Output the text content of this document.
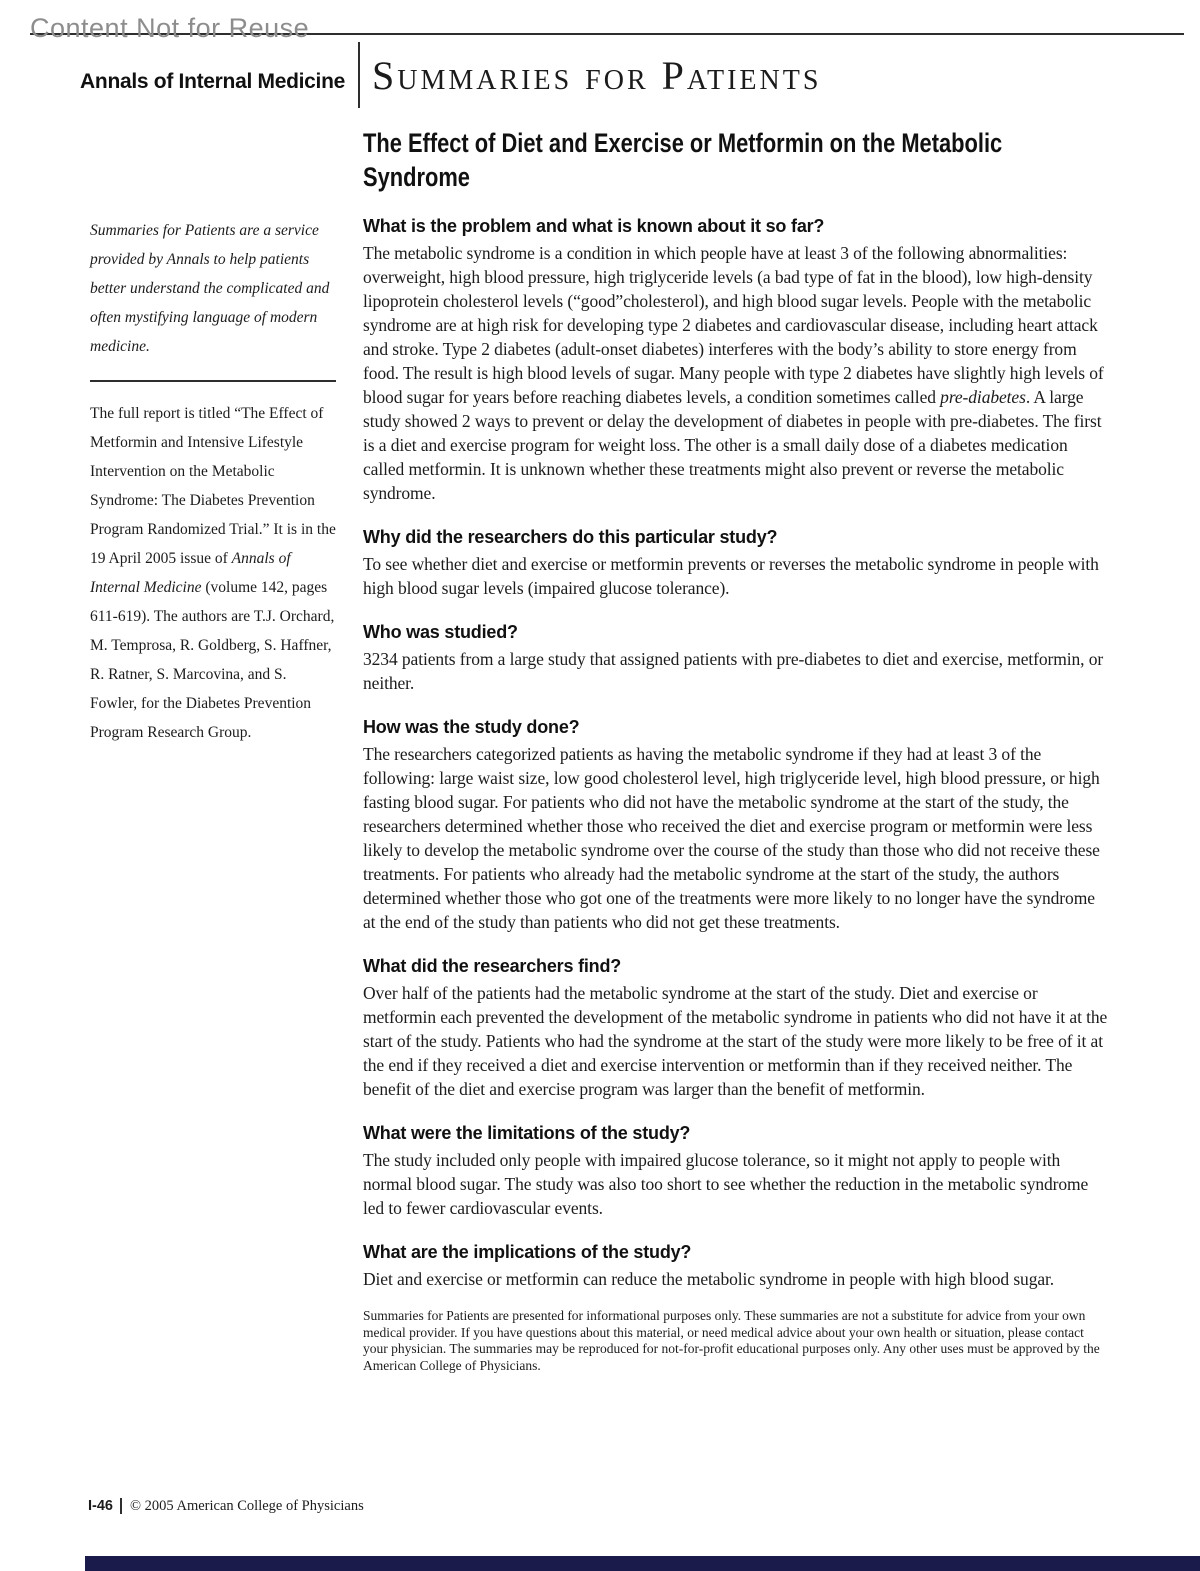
Content Not for Reuse
Annals of Internal Medicine Summaries for Patients
Summaries for Patients are a service provided by Annals to help patients better understand the complicated and often mystifying language of modern medicine.
The full report is titled “The Effect of Metformin and Intensive Lifestyle Intervention on the Metabolic Syndrome: The Diabetes Prevention Program Randomized Trial.” It is in the 19 April 2005 issue of Annals of Internal Medicine (volume 142, pages 611-619). The authors are T.J. Orchard, M. Temprosa, R. Goldberg, S. Haffner, R. Ratner, S. Marcovina, and S. Fowler, for the Diabetes Prevention Program Research Group.
The Effect of Diet and Exercise or Metformin on the Metabolic Syndrome
What is the problem and what is known about it so far?

The metabolic syndrome is a condition in which people have at least 3 of the following abnormalities: overweight, high blood pressure, high triglyceride levels (a bad type of fat in the blood), low high-density lipoprotein cholesterol levels (“good”cholesterol), and high blood sugar levels. People with the metabolic syndrome are at high risk for developing type 2 diabetes and cardiovascular disease, including heart attack and stroke. Type 2 diabetes (adult-onset diabetes) interferes with the body’s ability to store energy from food. The result is high blood levels of sugar. Many people with type 2 diabetes have slightly high levels of blood sugar for years before reaching diabetes levels, a condition sometimes called pre-diabetes. A large study showed 2 ways to prevent or delay the development of diabetes in people with pre-diabetes. The first is a diet and exercise program for weight loss. The other is a small daily dose of a diabetes medication called metformin. It is unknown whether these treatments might also prevent or reverse the metabolic syndrome.

Why did the researchers do this particular study?

To see whether diet and exercise or metformin prevents or reverses the metabolic syndrome in people with high blood sugar levels (impaired glucose tolerance).

Who was studied?

3234 patients from a large study that assigned patients with pre-diabetes to diet and exercise, metformin, or neither.

How was the study done?

The researchers categorized patients as having the metabolic syndrome if they had at least 3 of the following: large waist size, low good cholesterol level, high triglyceride level, high blood pressure, or high fasting blood sugar. For patients who did not have the metabolic syndrome at the start of the study, the researchers determined whether those who received the diet and exercise program or metformin were less likely to develop the metabolic syndrome over the course of the study than those who did not receive these treatments. For patients who already had the metabolic syndrome at the start of the study, the authors determined whether those who got one of the treatments were more likely to no longer have the syndrome at the end of the study than patients who did not get these treatments.

What did the researchers find?

Over half of the patients had the metabolic syndrome at the start of the study. Diet and exercise or metformin each prevented the development of the metabolic syndrome in patients who did not have it at the start of the study. Patients who had the syndrome at the start of the study were more likely to be free of it at the end if they received a diet and exercise intervention or metformin than if they received neither. The benefit of the diet and exercise program was larger than the benefit of metformin.

What were the limitations of the study?

The study included only people with impaired glucose tolerance, so it might not apply to people with normal blood sugar. The study was also too short to see whether the reduction in the metabolic syndrome led to fewer cardiovascular events.

What are the implications of the study?

Diet and exercise or metformin can reduce the metabolic syndrome in people with high blood sugar.

Summaries for Patients are presented for informational purposes only. These summaries are not a substitute for advice from your own medical provider. If you have questions about this material, or need medical advice about your own health or situation, please contact your physician. The summaries may be reproduced for not-for-profit educational purposes only. Any other uses must be approved by the American College of Physicians.
I-46	© 2005 American College of Physicians
